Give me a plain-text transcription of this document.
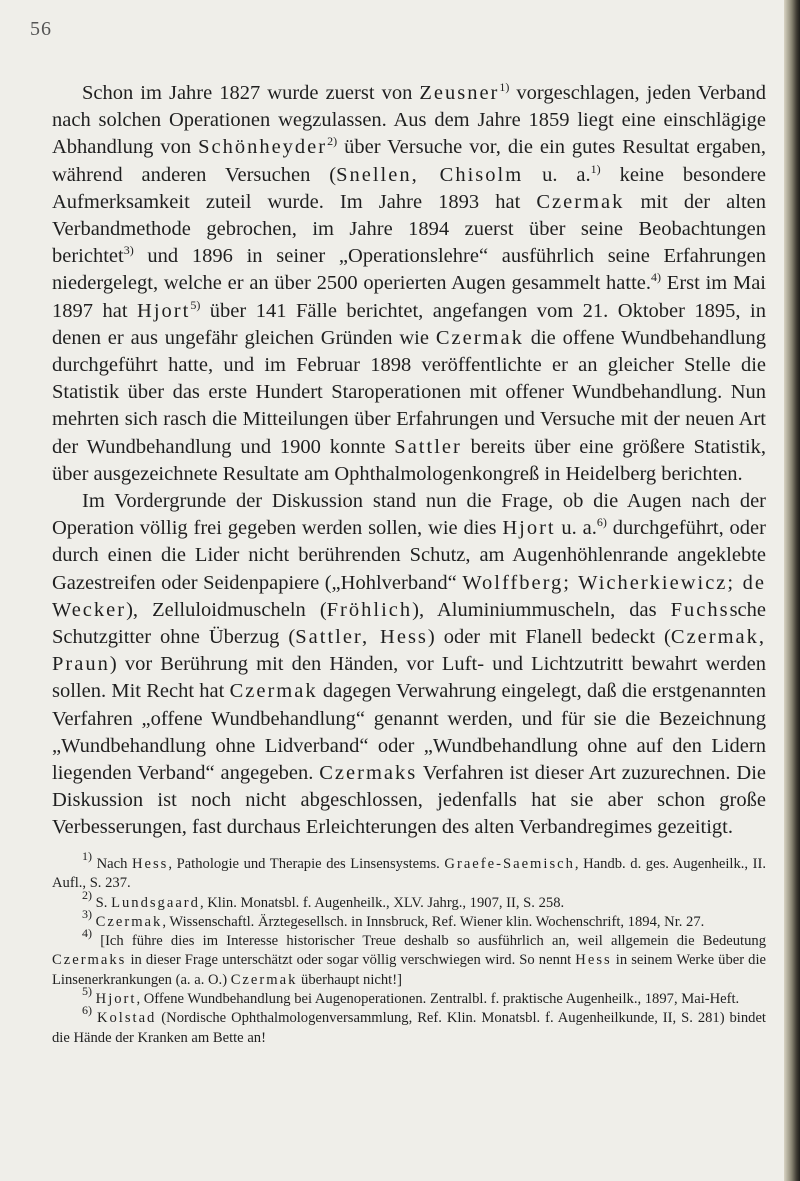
56

Schon im Jahre 1827 wurde zuerst von Zeusner$^{1)}$ vorgeschlagen, jeden Verband nach solchen Operationen wegzulassen. Aus dem Jahre 1859 liegt eine einschlägige Abhandlung von Schönheyder$^{2)}$ über Versuche vor, die ein gutes Resultat ergaben, während anderen Versuchen (Snellen, Chisolm u. a.$^{1)}$ keine besondere Aufmerksamkeit zuteil wurde. Im Jahre 1893 hat Czermak mit der alten Verbandmethode gebrochen, im Jahre 1894 zuerst über seine Beobachtungen berichtet$^{3)}$ und 1896 in seiner „Operationslehre“ ausführlich seine Erfahrungen niedergelegt, welche er an über 2500 operierten Augen gesammelt hatte.$^{4)}$ Erst im Mai 1897 hat Hjort$^{5)}$ über 141 Fälle berichtet, angefangen vom 21. Oktober 1895, in denen er aus ungefähr gleichen Gründen wie Czermak die offene Wundbehandlung durchgeführt hatte, und im Februar 1898 veröffentlichte er an gleicher Stelle die Statistik über das erste Hundert Staroperationen mit offener Wundbehandlung. Nun mehrten sich rasch die Mitteilungen über Erfahrungen und Versuche mit der neuen Art der Wundbehandlung und 1900 konnte Sattler bereits über eine größere Statistik, über ausgezeichnete Resultate am Ophthalmologenkongreß in Heidelberg berichten.

Im Vordergrunde der Diskussion stand nun die Frage, ob die Augen nach der Operation völlig frei gegeben werden sollen, wie dies Hjort u. a.$^{6)}$ durchgeführt, oder durch einen die Lider nicht berührenden Schutz, am Augenhöhlenrande angeklebte Gazestreifen oder Seidenpapiere („Hohlverband“ Wolffberg; Wicherkiewicz; de Wecker), Zelluloidmuscheln (Fröhlich), Aluminiummuscheln, das Fuchssche Schutzgitter ohne Überzug (Sattler, Hess) oder mit Flanell bedeckt (Czermak, Praun) vor Berührung mit den Händen, vor Luft- und Lichtzutritt bewahrt werden sollen. Mit Recht hat Czermak dagegen Verwahrung eingelegt, daß die erstgenannten Verfahren „offene Wundbehandlung“ genannt werden, und für sie die Bezeichnung „Wundbehandlung ohne Lidverband“ oder „Wundbehandlung ohne auf den Lidern liegenden Verband“ angegeben. Czermaks Verfahren ist dieser Art zuzurechnen. Die Diskussion ist noch nicht abgeschlossen, jedenfalls hat sie aber schon große Verbesserungen, fast durchaus Erleichterungen des alten Verbandregimes gezeitigt.

$^{1)}$ Nach Hess, Pathologie und Therapie des Linsensystems. Graefe-Saemisch, Handb. d. ges. Augenheilk., II. Aufl., S. 237.

$^{2)}$ S. Lundsgaard, Klin. Monatsbl. f. Augenheilk., XLV. Jahrg., 1907, II, S. 258.

$^{3)}$ Czermak, Wissenschaftl. Ärztegesellsch. in Innsbruck, Ref. Wiener klin. Wochenschrift, 1894, Nr. 27.

$^{4)}$ [Ich führe dies im Interesse historischer Treue deshalb so ausführlich an, weil allgemein die Bedeutung Czermaks in dieser Frage unterschätzt oder sogar völlig verschwiegen wird. So nennt Hess in seinem Werke über die Linsenerkrankungen (a. a. O.) Czermak überhaupt nicht!]

$^{5)}$ Hjort, Offene Wundbehandlung bei Augenoperationen. Zentralbl. f. praktische Augenheilk., 1897, Mai-Heft.

$^{6)}$ Kolstad (Nordische Ophthalmologenversammlung, Ref. Klin. Monatsbl. f. Augenheilkunde, II, S. 281) bindet die Hände der Kranken am Bette an!
